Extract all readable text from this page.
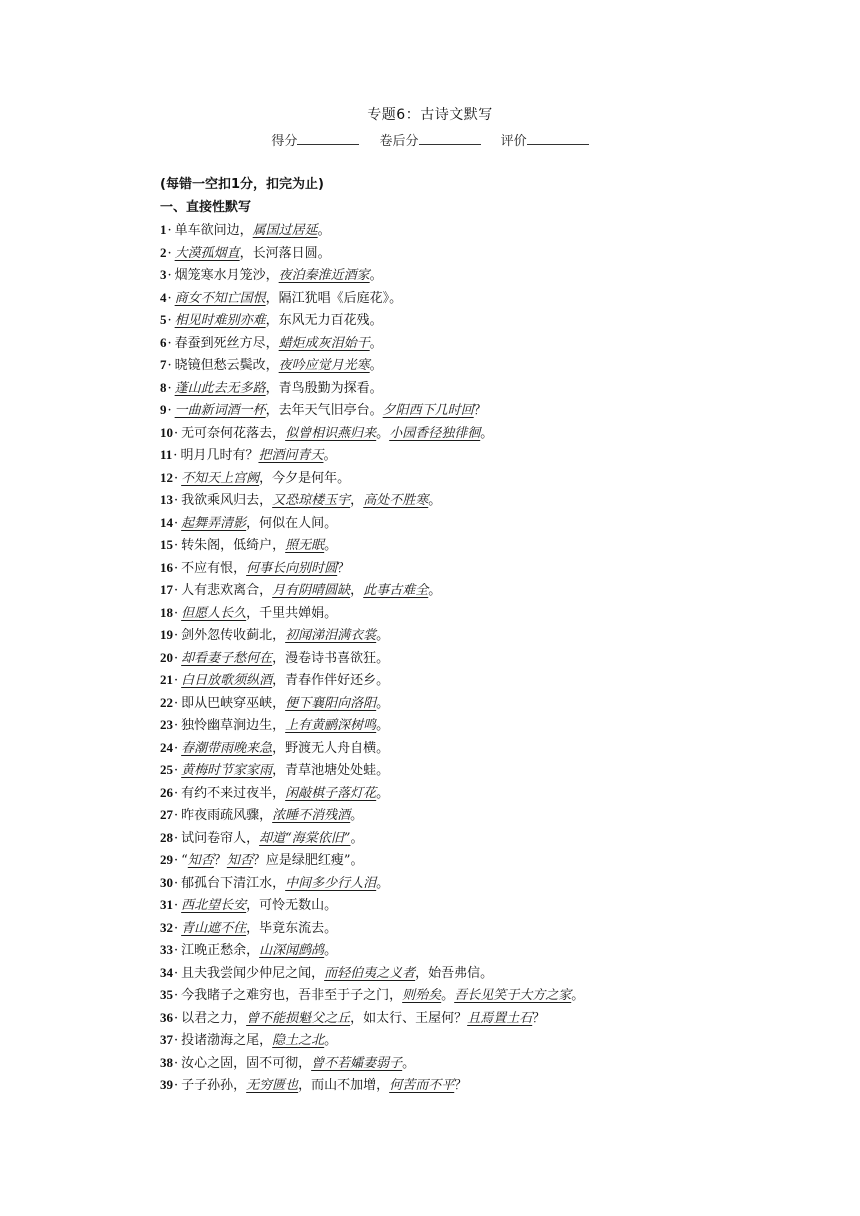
专题6：古诗文默写
得分	卷后分	评价
(每错一空扣1分，扣完为止)
一、直接性默写
1· 单车欲问边，属国过居延。
2· 大漠孤烟直，长河落日圆。
3· 烟笼寒水月笼沙，夜泊秦淮近酒家。
4· 商女不知亡国恨，隔江犹唱《后庭花》。
5· 相见时难别亦难，东风无力百花残。
6· 春蚕到死丝方尽，蜡炬成灰泪始干。
7· 晓镜但愁云鬓改，夜吟应觉月光寒。
8· 蓬山此去无多路，青鸟殷勤为探看。
9· 一曲新词酒一杯，去年天气旧亭台。夕阳西下几时回？
10· 无可奈何花落去，似曾相识燕归来。小园香径独徘徊。
11· 明月几时有？把酒问青天。
12· 不知天上宫阙，今夕是何年。
13· 我欲乘风归去，又恐琼楼玉宇，高处不胜寒。
14· 起舞弄清影，何似在人间。
15· 转朱阁，低绮户，照无眠。
16· 不应有恨，何事长向别时圆？
17· 人有悲欢离合，月有阴晴圆缺，此事古难全。
18· 但愿人长久，千里共婵娟。
19· 剑外忽传收蓟北，初闻涕泪满衣裳。
20· 却看妻子愁何在，漫卷诗书喜欲狂。
21· 白日放歌须纵酒，青春作伴好还乡。
22· 即从巴峡穿巫峡，便下襄阳向洛阳。
23· 独怜幽草涧边生，上有黄鹂深树鸣。
24· 春潮带雨晚来急，野渡无人舟自横。
25· 黄梅时节家家雨，青草池塘处处蛙。
26· 有约不来过夜半，闲敲棋子落灯花。
27· 昨夜雨疏风骤，浓睡不消残酒。
28· 试问卷帘人，却道“海棠依旧”。
29· “知否？知否？应是绿肥红瘦”。
30· 郁孤台下清江水，中间多少行人泪。
31· 西北望长安，可怜无数山。
32· 青山遮不住，毕竟东流去。
33· 江晚正愁余，山深闻鹧鸪。
34· 且夫我尝闻少仲尼之闻，而轻伯夷之义者，始吾弗信。
35· 今我睹子之难穷也，吾非至于子之门，则殆矣。吾长见笑于大方之家。
36· 以君之力，曾不能损魁父之丘，如太行、王屋何？且焉置土石？
37· 投诸渤海之尾，隐土之北。
38· 汝心之固，固不可彻，曾不若孀妻弱子。
39· 子子孙孙，无穷匮也，而山不加增，何苦而不平？
